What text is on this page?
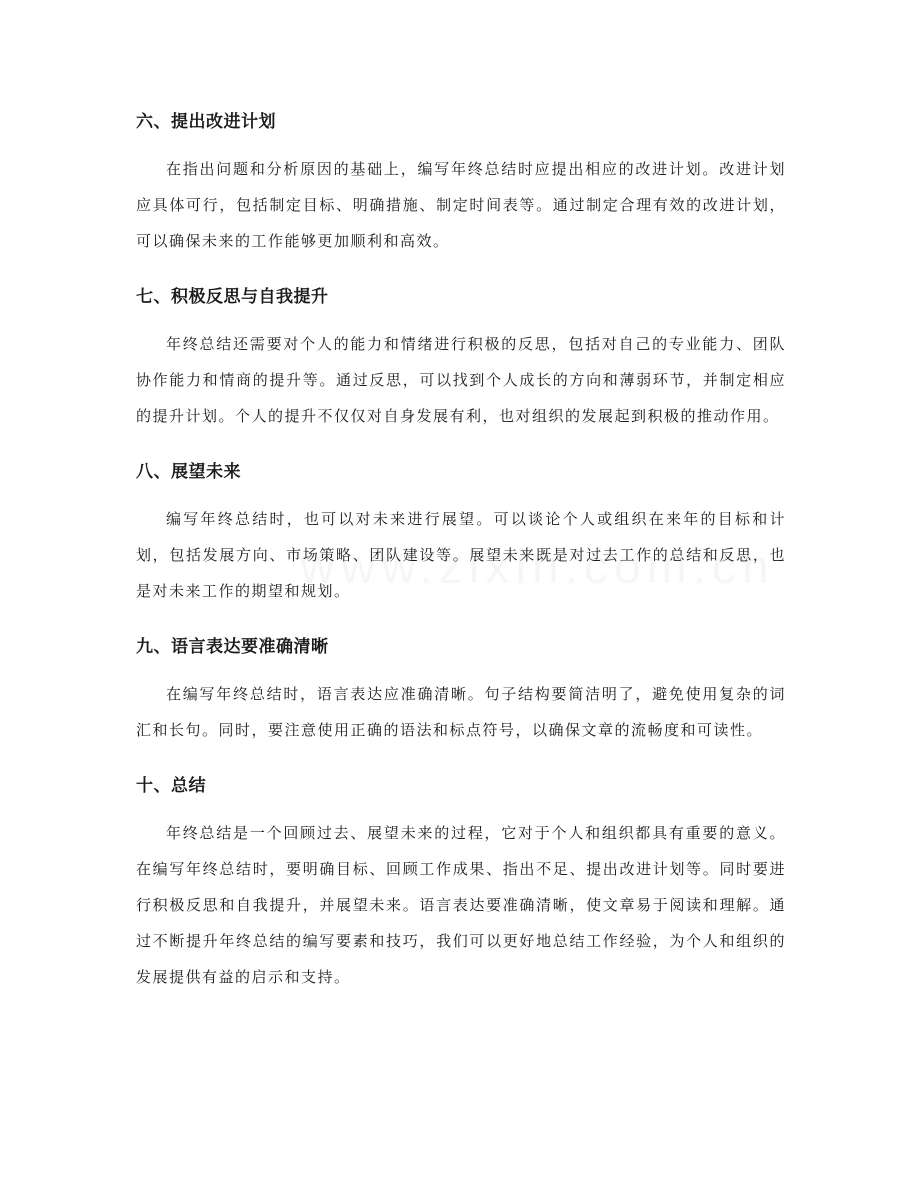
六、提出改进计划

在指出问题和分析原因的基础上，编写年终总结时应提出相应的改进计划。改进计划应具体可行，包括制定目标、明确措施、制定时间表等。通过制定合理有效的改进计划，可以确保未来的工作能够更加顺利和高效。

七、积极反思与自我提升

年终总结还需要对个人的能力和情绪进行积极的反思，包括对自己的专业能力、团队协作能力和情商的提升等。通过反思，可以找到个人成长的方向和薄弱环节，并制定相应的提升计划。个人的提升不仅仅对自身发展有利，也对组织的发展起到积极的推动作用。

八、展望未来

编写年终总结时，也可以对未来进行展望。可以谈论个人或组织在来年的目标和计划，包括发展方向、市场策略、团队建设等。展望未来既是对过去工作的总结和反思，也是对未来工作的期望和规划。

九、语言表达要准确清晰

在编写年终总结时，语言表达应准确清晰。句子结构要简洁明了，避免使用复杂的词汇和长句。同时，要注意使用正确的语法和标点符号，以确保文章的流畅度和可读性。

十、总结

年终总结是一个回顾过去、展望未来的过程，它对于个人和组织都具有重要的意义。在编写年终总结时，要明确目标、回顾工作成果、指出不足、提出改进计划等。同时要进行积极反思和自我提升，并展望未来。语言表达要准确清晰，使文章易于阅读和理解。通过不断提升年终总结的编写要素和技巧，我们可以更好地总结工作经验，为个人和组织的发展提供有益的启示和支持。
